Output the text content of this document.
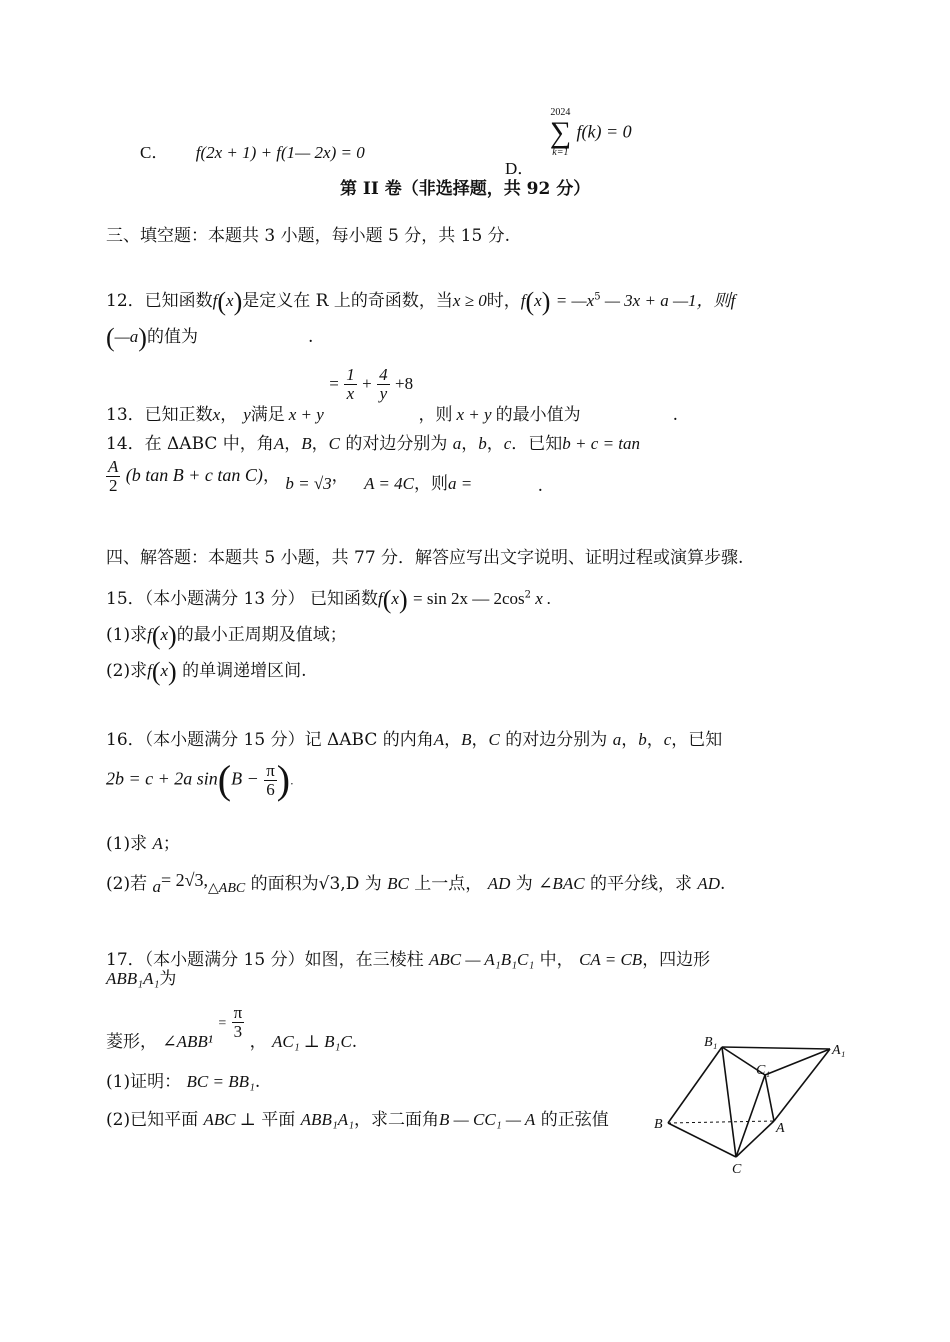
C． f(2x + 1) + f(1— 2x) = 0
D．
2024
∑
k=1
f(k) = 0
第 II 卷（非选择题，共 92 分）
三、填空题：本题共 3 小题，每小题 5 分，共 15 分.
12．已知函数f(x)是定义在 R 上的奇函数，当x ≥ 0时，$f(x) = —x^5$ — 3x + a —1，则f
(—a)的值为	.
13．已知正数x， y满足 $x + y = \frac{1}{x} + \frac{4}{y} +8$ ，则 x + y 的最小值为	.
14．在 ΔABC 中，角A，B，C 的对边分别为 a，b，c．已知b + c = tan
$\frac{A}{2} (b$ tan B + c tan C)， b = √3， A = 4C，则a =	.
四、解答题：本题共 5 小题，共 77 分．解答应写出文字说明、证明过程或演算步骤.
15．（本小题满分 13 分） 已知函数f(x) = sin 2x — $2\cos^2$ x .
(1)求f(x)的最小正周期及值域；
(2)求f(x) 的单调递增区间.
16．（本小题满分 15 分）记 ΔABC 的内角A，B，C 的对边分别为 a，b，c，已知
2b = c + 2a $\sin(B - \frac{\pi}{6}$ ).
(1)求 A；
(2)若 a= 2√3,△ABC 的面积为√3,D 为 BC 上一点， AD 为 ∠BAC 的平分线，求 AD.
17．（本小题满分 15 分）如图，在三棱柱 ABC — A₁B₁C₁ 中， CA = CB，四边形
ABB₁A₁为
菱形， ∠ABB¹ = $\frac{\pi}{3}$
， AC₁ ⊥ B₁C.
(1)证明： BC = BB₁.
(2)已知平面 ABC ⊥ 平面 ABB₁A₁，求二面角B — CC₁ — A 的正弦值
B₁
A₁
C₁
B	A
C
